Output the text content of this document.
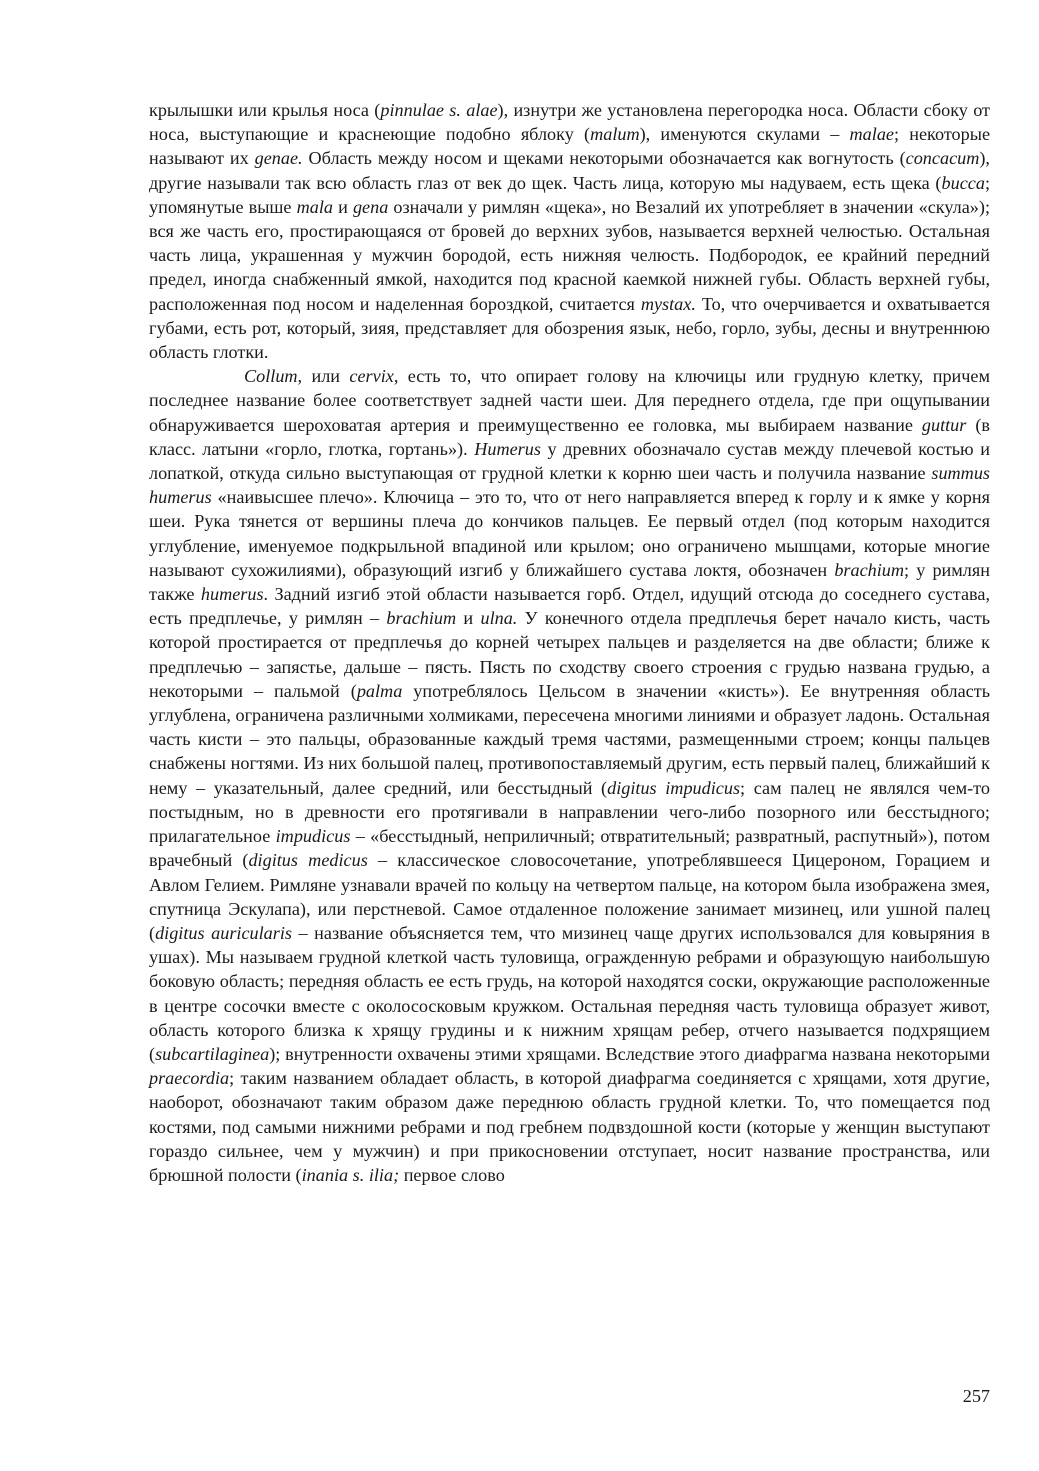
крылышки или крылья носа (pinnulae s. alae), изнутри же установлена перегородка носа. Области сбоку от носа, выступающие и краснеющие подобно яблоку (malum), именуются скулами – malae; некоторые называют их genae. Область между носом и щеками некоторыми обозначается как вогнутость (concacum), другие называли так всю область глаз от век до щек. Часть лица, которую мы надуваем, есть щека (bucca; упомянутые выше mala и gena означали у римлян «щека», но Везалий их употребляет в значении «скула»); вся же часть его, простирающаяся от бровей до верхних зубов, называется верхней челюстью. Остальная часть лица, украшенная у мужчин бородой, есть нижняя челюсть. Подбородок, ее крайний передний предел, иногда снабженный ямкой, находится под красной каемкой нижней губы. Область верхней губы, расположенная под носом и наделенная бороздкой, считается mystax. То, что очерчивается и охватывается губами, есть рот, который, зияя, представляет для обозрения язык, небо, горло, зубы, десны и внутреннюю область глотки.

Collum, или cervix, есть то, что опирает голову на ключицы или грудную клетку, причем последнее название более соответствует задней части шеи. Для переднего отдела, где при ощупывании обнаруживается шероховатая артерия и преимущественно ее головка, мы выбираем название guttur (в класс. латыни «горло, глотка, гортань»). Humerus у древних обозначало сустав между плечевой костью и лопаткой, откуда сильно выступающая от грудной клетки к корню шеи часть и получила название summus humerus «наивысшее плечо». Ключица – это то, что от него направляется вперед к горлу и к ямке у корня шеи. Рука тянется от вершины плеча до кончиков пальцев. Ее первый отдел (под которым находится углубление, именуемое подкрыльной впадиной или крылом; оно ограничено мышцами, которые многие называют сухожилиями), образующий изгиб у ближайшего сустава локтя, обозначен brachium; у римлян также humerus. Задний изгиб этой области называется горб. Отдел, идущий отсюда до соседнего сустава, есть предплечье, у римлян – brachium и ulna. У конечного отдела предплечья берет начало кисть, часть которой простирается от предплечья до корней четырех пальцев и разделяется на две области; ближе к предплечью – запястье, дальше – пясть. Пясть по сходству своего строения с грудью названа грудью, а некоторыми – пальмой (palma употреблялось Цельсом в значении «кисть»). Ее внутренняя область углублена, ограничена различными холмиками, пересечена многими линиями и образует ладонь. Остальная часть кисти – это пальцы, образованные каждый тремя частями, размещенными строем; концы пальцев снабжены ногтями. Из них большой палец, противопоставляемый другим, есть первый палец, ближайший к нему – указательный, далее средний, или бесстыдный (digitus impudicus; сам палец не являлся чем-то постыдным, но в древности его протягивали в направлении чего-либо позорного или бесстыдного; прилагательное impudicus – «бесстыдный, неприличный; отвратительный; развратный, распутный»), потом врачебный (digitus medicus – классическое словосочетание, употреблявшееся Цицероном, Горацием и Авлом Гелием. Римляне узнавали врачей по кольцу на четвертом пальце, на котором была изображена змея, спутница Эскулапа), или перстневой. Самое отдаленное положение занимает мизинец, или ушной палец (digitus auricularis – название объясняется тем, что мизинец чаще других использовался для ковыряния в ушах). Мы называем грудной клеткой часть туловища, огражденную ребрами и образующую наибольшую боковую область; передняя область ее есть грудь, на которой находятся соски, окружающие расположенные в центре сосочки вместе с околососковым кружком. Остальная передняя часть туловища образует живот, область которого близка к хрящу грудины и к нижним хрящам ребер, отчего называется подхрящием (subcartilaginea); внутренности охвачены этими хрящами. Вследствие этого диафрагма названа некоторыми praecordia; таким названием обладает область, в которой диафрагма соединяется с хрящами, хотя другие, наоборот, обозначают таким образом даже переднюю область грудной клетки. То, что помещается под костями, под самыми нижними ребрами и под гребнем подвздошной кости (которые у женщин выступают гораздо сильнее, чем у мужчин) и при прикосновении отступает, носит название пространства, или брюшной полости (inania s. ilia; первое слово

257
